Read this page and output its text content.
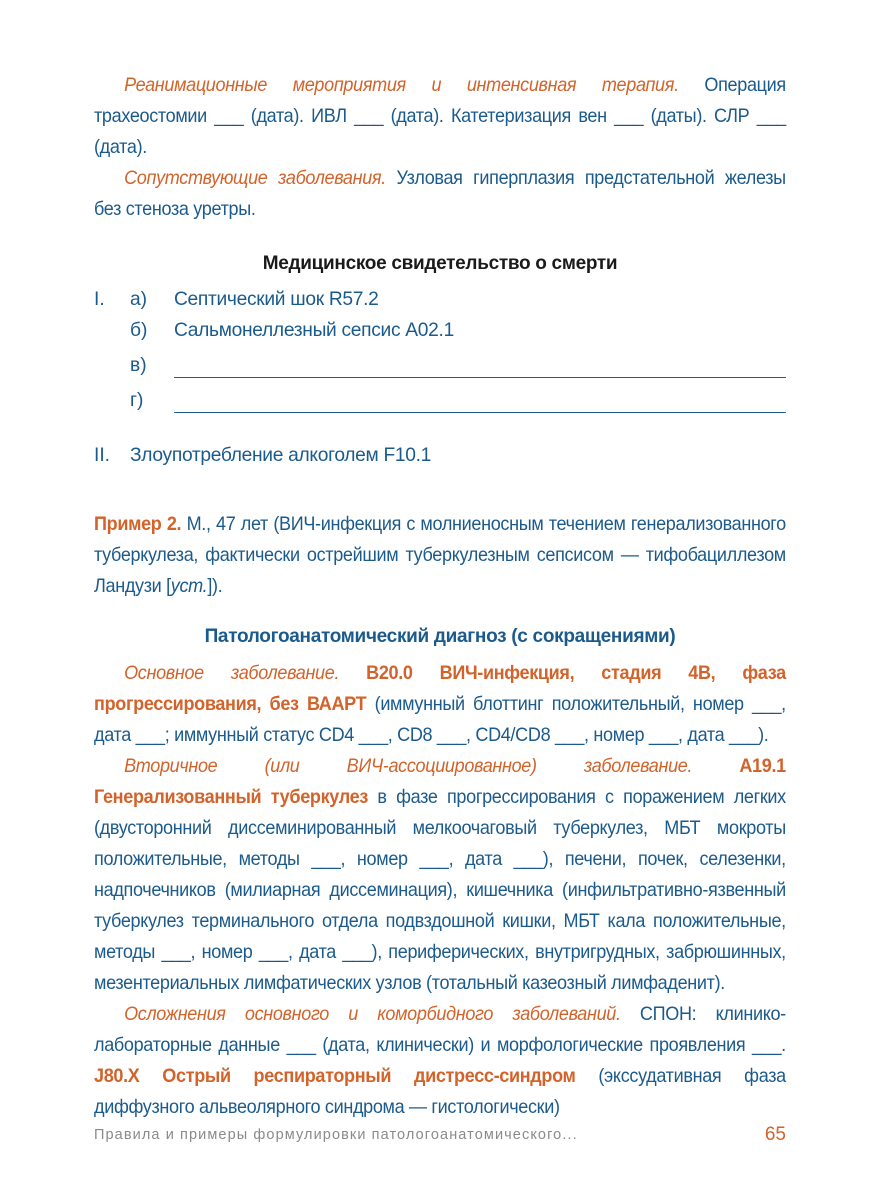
Реанимационные мероприятия и интенсивная терапия. Операция трахеостомии ___ (дата). ИВЛ ___ (дата). Катетеризация вен ___ (даты). СЛР ___ (дата).

Сопутствующие заболевания. Узловая гиперплазия предстательной железы без стеноза уретры.

Медицинское свидетельство о смерти

I. а) Септический шок R57.2
б) Сальмонеллезный сепсис A02.1
в)
г)
II. Злоупотребление алкоголем F10.1

Пример 2. М., 47 лет (ВИЧ-инфекция с молниеносным течением генерализованного туберкулеза, фактически острейшим туберкулезным сепсисом — тифобациллезом Ландузи [уст.]).

Патологоанатомический диагноз (с сокращениями)

Основное заболевание. B20.0 ВИЧ-инфекция, стадия 4В, фаза прогрессирования, без ВААРТ (иммунный блоттинг положительный, номер ___, дата ___; иммунный статус CD4 ___, CD8 ___, CD4/CD8 ___, номер ___, дата ___).

Вторичное (или ВИЧ-ассоциированное) заболевание. A19.1 Генерализованный туберкулез в фазе прогрессирования с поражением легких (двусторонний диссеминированный мелкоочаговый туберкулез, МБТ мокроты положительные, методы ___, номер ___, дата ___), печени, почек, селезенки, надпочечников (милиарная диссеминация), кишечника (инфильтративно-язвенный туберкулез терминального отдела подвздошной кишки, МБТ кала положительные, методы ___, номер ___, дата ___), периферических, внутригрудных, забрюшинных, мезентериальных лимфатических узлов (тотальный казеозный лимфаденит).

Осложнения основного и коморбидного заболеваний. СПОН: клинико-лабораторные данные ___ (дата, клинически) и морфологические проявления ___. J80.X Острый респираторный дистресс-синдром (экссудативная фаза диффузного альвеолярного синдрома — гистологически)

Правила и примеры формулировки патологоанатомического...	65
